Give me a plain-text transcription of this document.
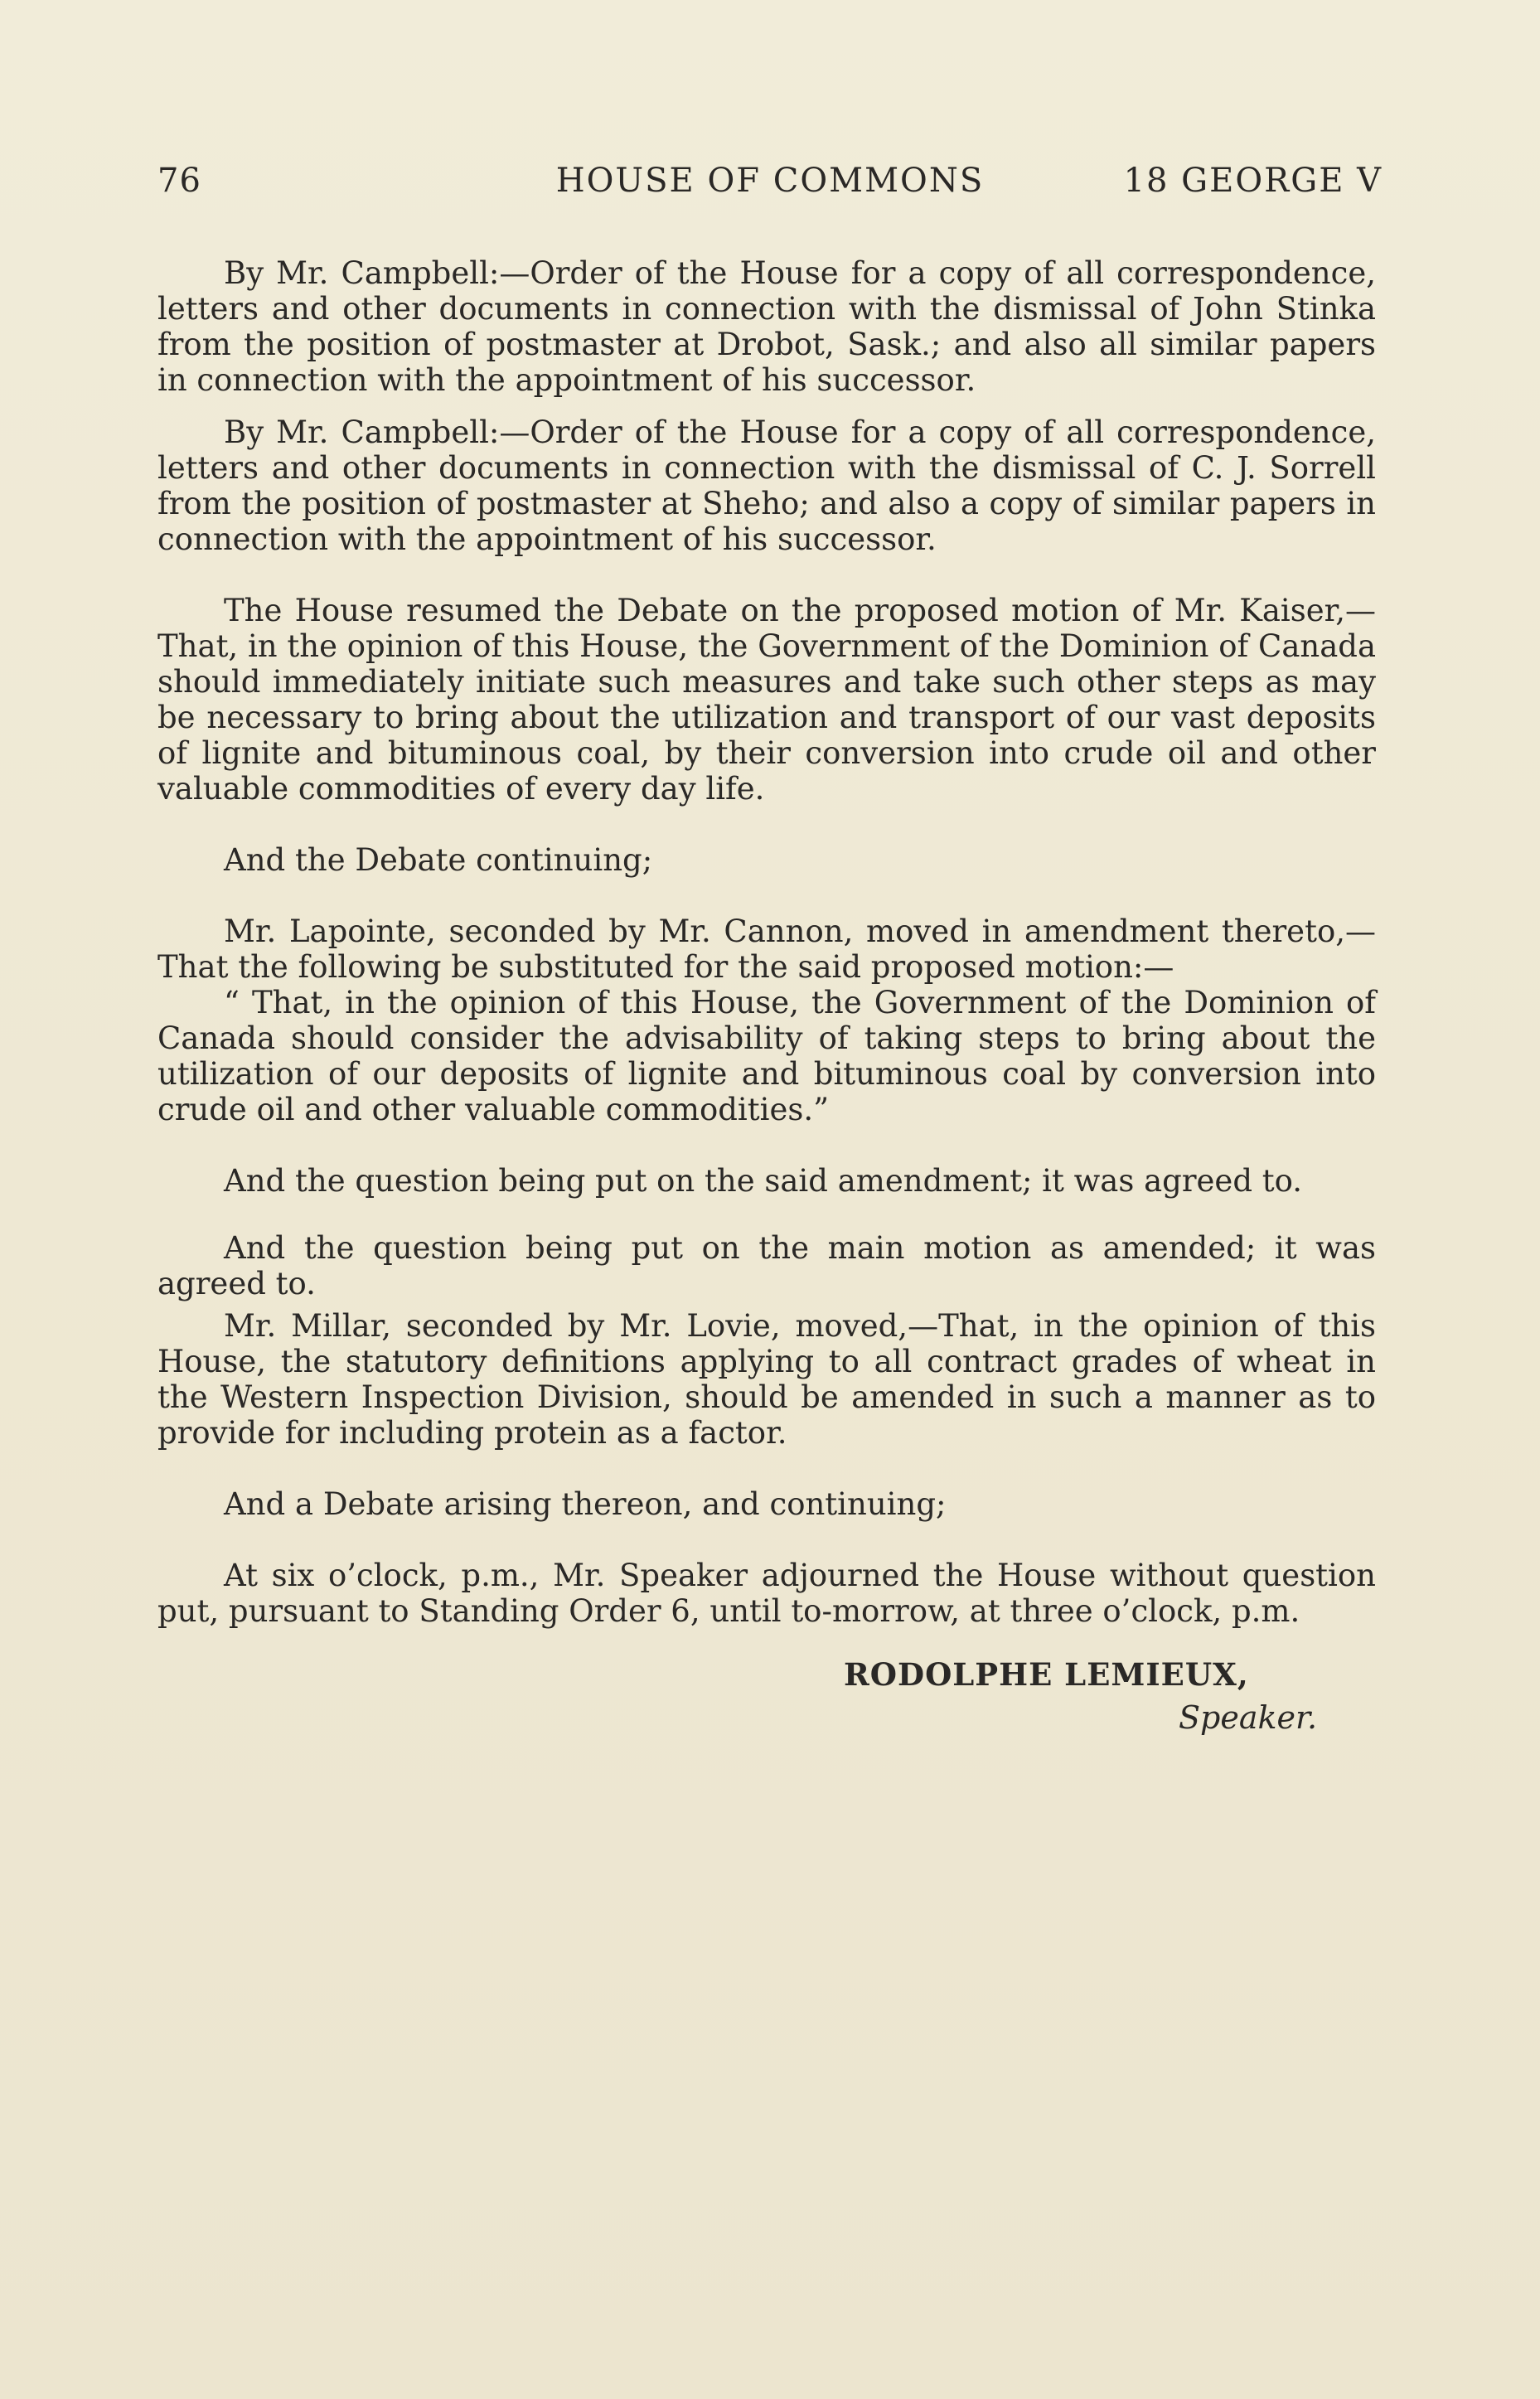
76	HOUSE OF COMMONS	18 GEORGE V

By Mr. Campbell:—Order of the House for a copy of all correspondence, letters and other documents in connection with the dismissal of John Stinka from the position of postmaster at Drobot, Sask.; and also all similar papers in connection with the appointment of his successor.

By Mr. Campbell:—Order of the House for a copy of all correspondence, letters and other documents in connection with the dismissal of C. J. Sorrell from the position of postmaster at Sheho; and also a copy of similar papers in connection with the appointment of his successor.

The House resumed the Debate on the proposed motion of Mr. Kaiser,—That, in the opinion of this House, the Government of the Dominion of Canada should immediately initiate such measures and take such other steps as may be necessary to bring about the utilization and transport of our vast deposits of lignite and bituminous coal, by their conversion into crude oil and other valuable commodities of every day life.

And the Debate continuing;

Mr. Lapointe, seconded by Mr. Cannon, moved in amendment thereto,—That the following be substituted for the said proposed motion:—

“ That, in the opinion of this House, the Government of the Dominion of Canada should consider the advisability of taking steps to bring about the utilization of our deposits of lignite and bituminous coal by conversion into crude oil and other valuable commodities.”

And the question being put on the said amendment; it was agreed to.

And the question being put on the main motion as amended; it was agreed to.

Mr. Millar, seconded by Mr. Lovie, moved,—That, in the opinion of this House, the statutory definitions applying to all contract grades of wheat in the Western Inspection Division, should be amended in such a manner as to provide for including protein as a factor.

And a Debate arising thereon, and continuing;

At six o’clock, p.m., Mr. Speaker adjourned the House without question put, pursuant to Standing Order 6, until to-morrow, at three o’clock, p.m.

RODOLPHE LEMIEUX,
Speaker.
